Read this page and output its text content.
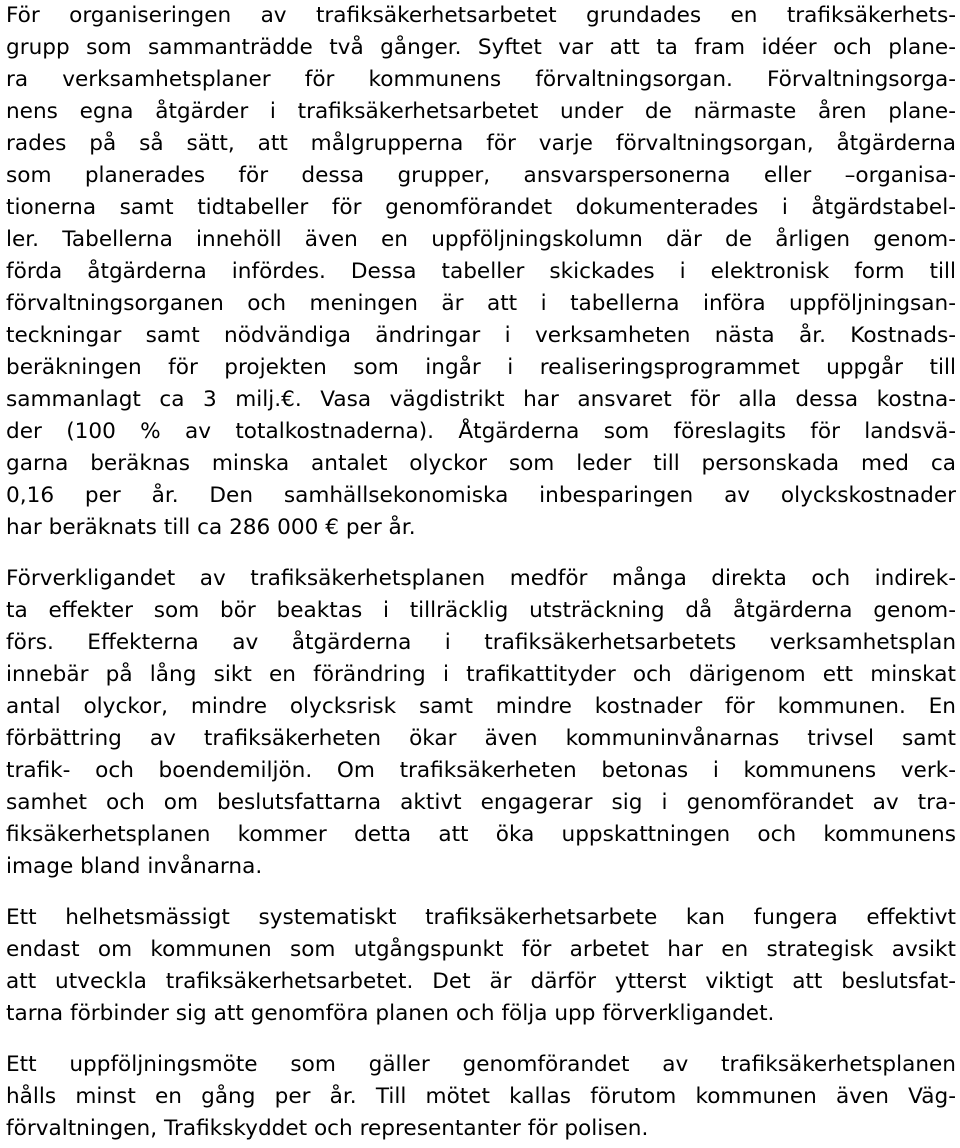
För organiseringen av trafiksäkerhetsarbetet grundades en trafiksäkerhets-
grupp som sammanträdde två gånger. Syftet var att ta fram idéer och plane-
ra verksamhetsplaner för kommunens förvaltningsorgan. Förvaltningsorga-
nens egna åtgärder i trafiksäkerhetsarbetet under de närmaste åren plane-
rades på så sätt, att målgrupperna för varje förvaltningsorgan, åtgärderna
som planerades för dessa grupper, ansvarspersonerna eller –organisa-
tionerna samt tidtabeller för genomförandet dokumenterades i åtgärdstabel-
ler. Tabellerna innehöll även en uppföljningskolumn där de årligen genom-
förda åtgärderna infördes. Dessa tabeller skickades i elektronisk form till
förvaltningsorganen och meningen är att i tabellerna införa uppföljningsan-
teckningar samt nödvändiga ändringar i verksamheten nästa år. Kostnads-
beräkningen för projekten som ingår i realiseringsprogrammet uppgår till
sammanlagt ca 3 milj.€. Vasa vägdistrikt har ansvaret för alla dessa kostna-
der (100 % av totalkostnaderna). Åtgärderna som föreslagits för landsvä-
garna beräknas minska antalet olyckor som leder till personskada med ca
0,16 per år. Den samhällsekonomiska inbesparingen av olyckskostnader
har beräknats till ca 286 000 € per år.
Förverkligandet av trafiksäkerhetsplanen medför många direkta och indirek-
ta effekter som bör beaktas i tillräcklig utsträckning då åtgärderna genom-
förs. Effekterna av åtgärderna i trafiksäkerhetsarbetets verksamhetsplan
innebär på lång sikt en förändring i trafikattityder och därigenom ett minskat
antal olyckor, mindre olycksrisk samt mindre kostnader för kommunen. En
förbättring av trafiksäkerheten ökar även kommuninvånarnas trivsel samt
trafik- och boendemiljön. Om trafiksäkerheten betonas i kommunens verk-
samhet och om beslutsfattarna aktivt engagerar sig i genomförandet av tra-
fiksäkerhetsplanen kommer detta att öka uppskattningen och kommunens
image bland invånarna.
Ett helhetsmässigt systematiskt trafiksäkerhetsarbete kan fungera effektivt
endast om kommunen som utgångspunkt för arbetet har en strategisk avsikt
att utveckla trafiksäkerhetsarbetet. Det är därför ytterst viktigt att beslutsfat-
tarna förbinder sig att genomföra planen och följa upp förverkligandet.
Ett uppföljningsmöte som gäller genomförandet av trafiksäkerhetsplanen
hålls minst en gång per år. Till mötet kallas förutom kommunen även Väg-
förvaltningen, Trafikskyddet och representanter för polisen.
